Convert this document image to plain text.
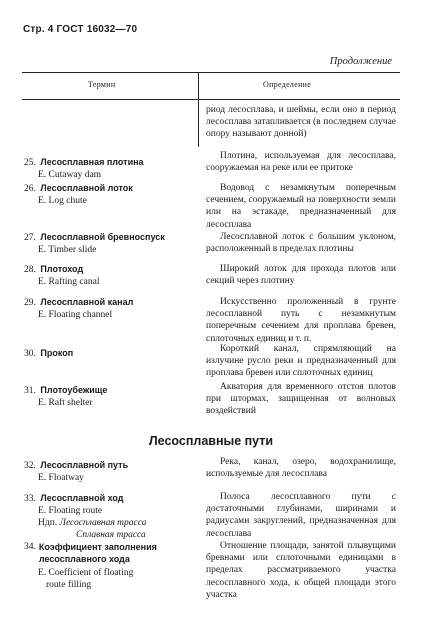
Стр. 4 ГОСТ 16032—70
Продолжение
Термин	Определение
риод лесосплава, и шеймы, если оно в период лесосплава затапливается (в последнем случае опору называют донной)
25. Лесосплавная плотина
E. Cutaway dam
Плотина, используемая для лесосплава, сооружаемая на реке или ее притоке
26. Лесосплавной лоток
E. Log chute
Водовод с незамкнутым поперечным сечением, сооружаемый на поверхности земли или на эстакаде, предназначенный для лесосплава
27. Лесосплавной бревноспуск
E. Timber slide
Лесосплавной лоток с большим уклоном, расположенный в пределах плотины
28. Плотоход
E. Rafting canal
Широкий лоток для прохода плотов или секций через плотину
29. Лесосплавной канал
E. Floating channel
Искусственно проложенный в грунте лесосплавной путь с незамкнутым поперечным сечением для проплава бревен, сплоточных единиц и т. п.
30. Прокоп	Короткий канал, спрямляющий на излучине русло реки и предназначенный для проплава бревен или сплоточных единиц
31. Плотоубежище
E. Raft shelter
Акватория для временного отстоя плотов при штормах, защищенная от волновых воздействий
Лесосплавные пути
32. Лесосплавной путь
E. Floatway
Река, канал, озеро, водохранилище, используемые для лесосплава
33. Лесосплавной ход
E. Floating route
Ндп. Лесосплавная трасса
Сплавная трасса
Полоса лесосплавного пути с достаточными глубинами, ширинами и радиусами закруглений, предназначенная для лесосплава
34. Коэффициент заполнения лесосплавного хода
E. Coefficient of floating
route filling
Отношение площади, занятой плывущими бревнами или сплоточными единицами в пределах рассматриваемого участка лесосплавного хода, к общей площади этого участка
